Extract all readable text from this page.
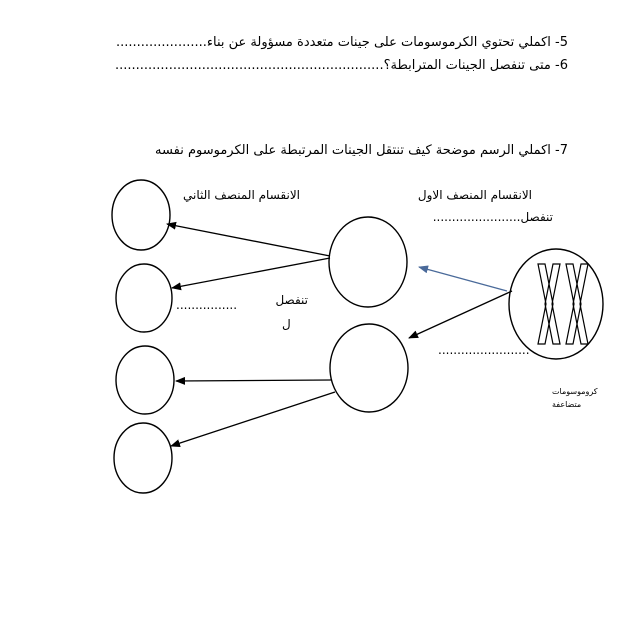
5- اكملي تحتوي الكرموسومات على جينات متعددة مسؤولة عن بناء......................
6- متى تنفصل الجينات المترابطة؟.................................................................
7- اكملي الرسم موضحة كيف تنتقل الجينات المرتبطة على الكرموسوم نفسه
الانقسام المنصف الاول
تنفصل.......................
الانقسام المنصف الثاني
تنفصل
................
ل
........................
كروموسومات
متضاعفة
